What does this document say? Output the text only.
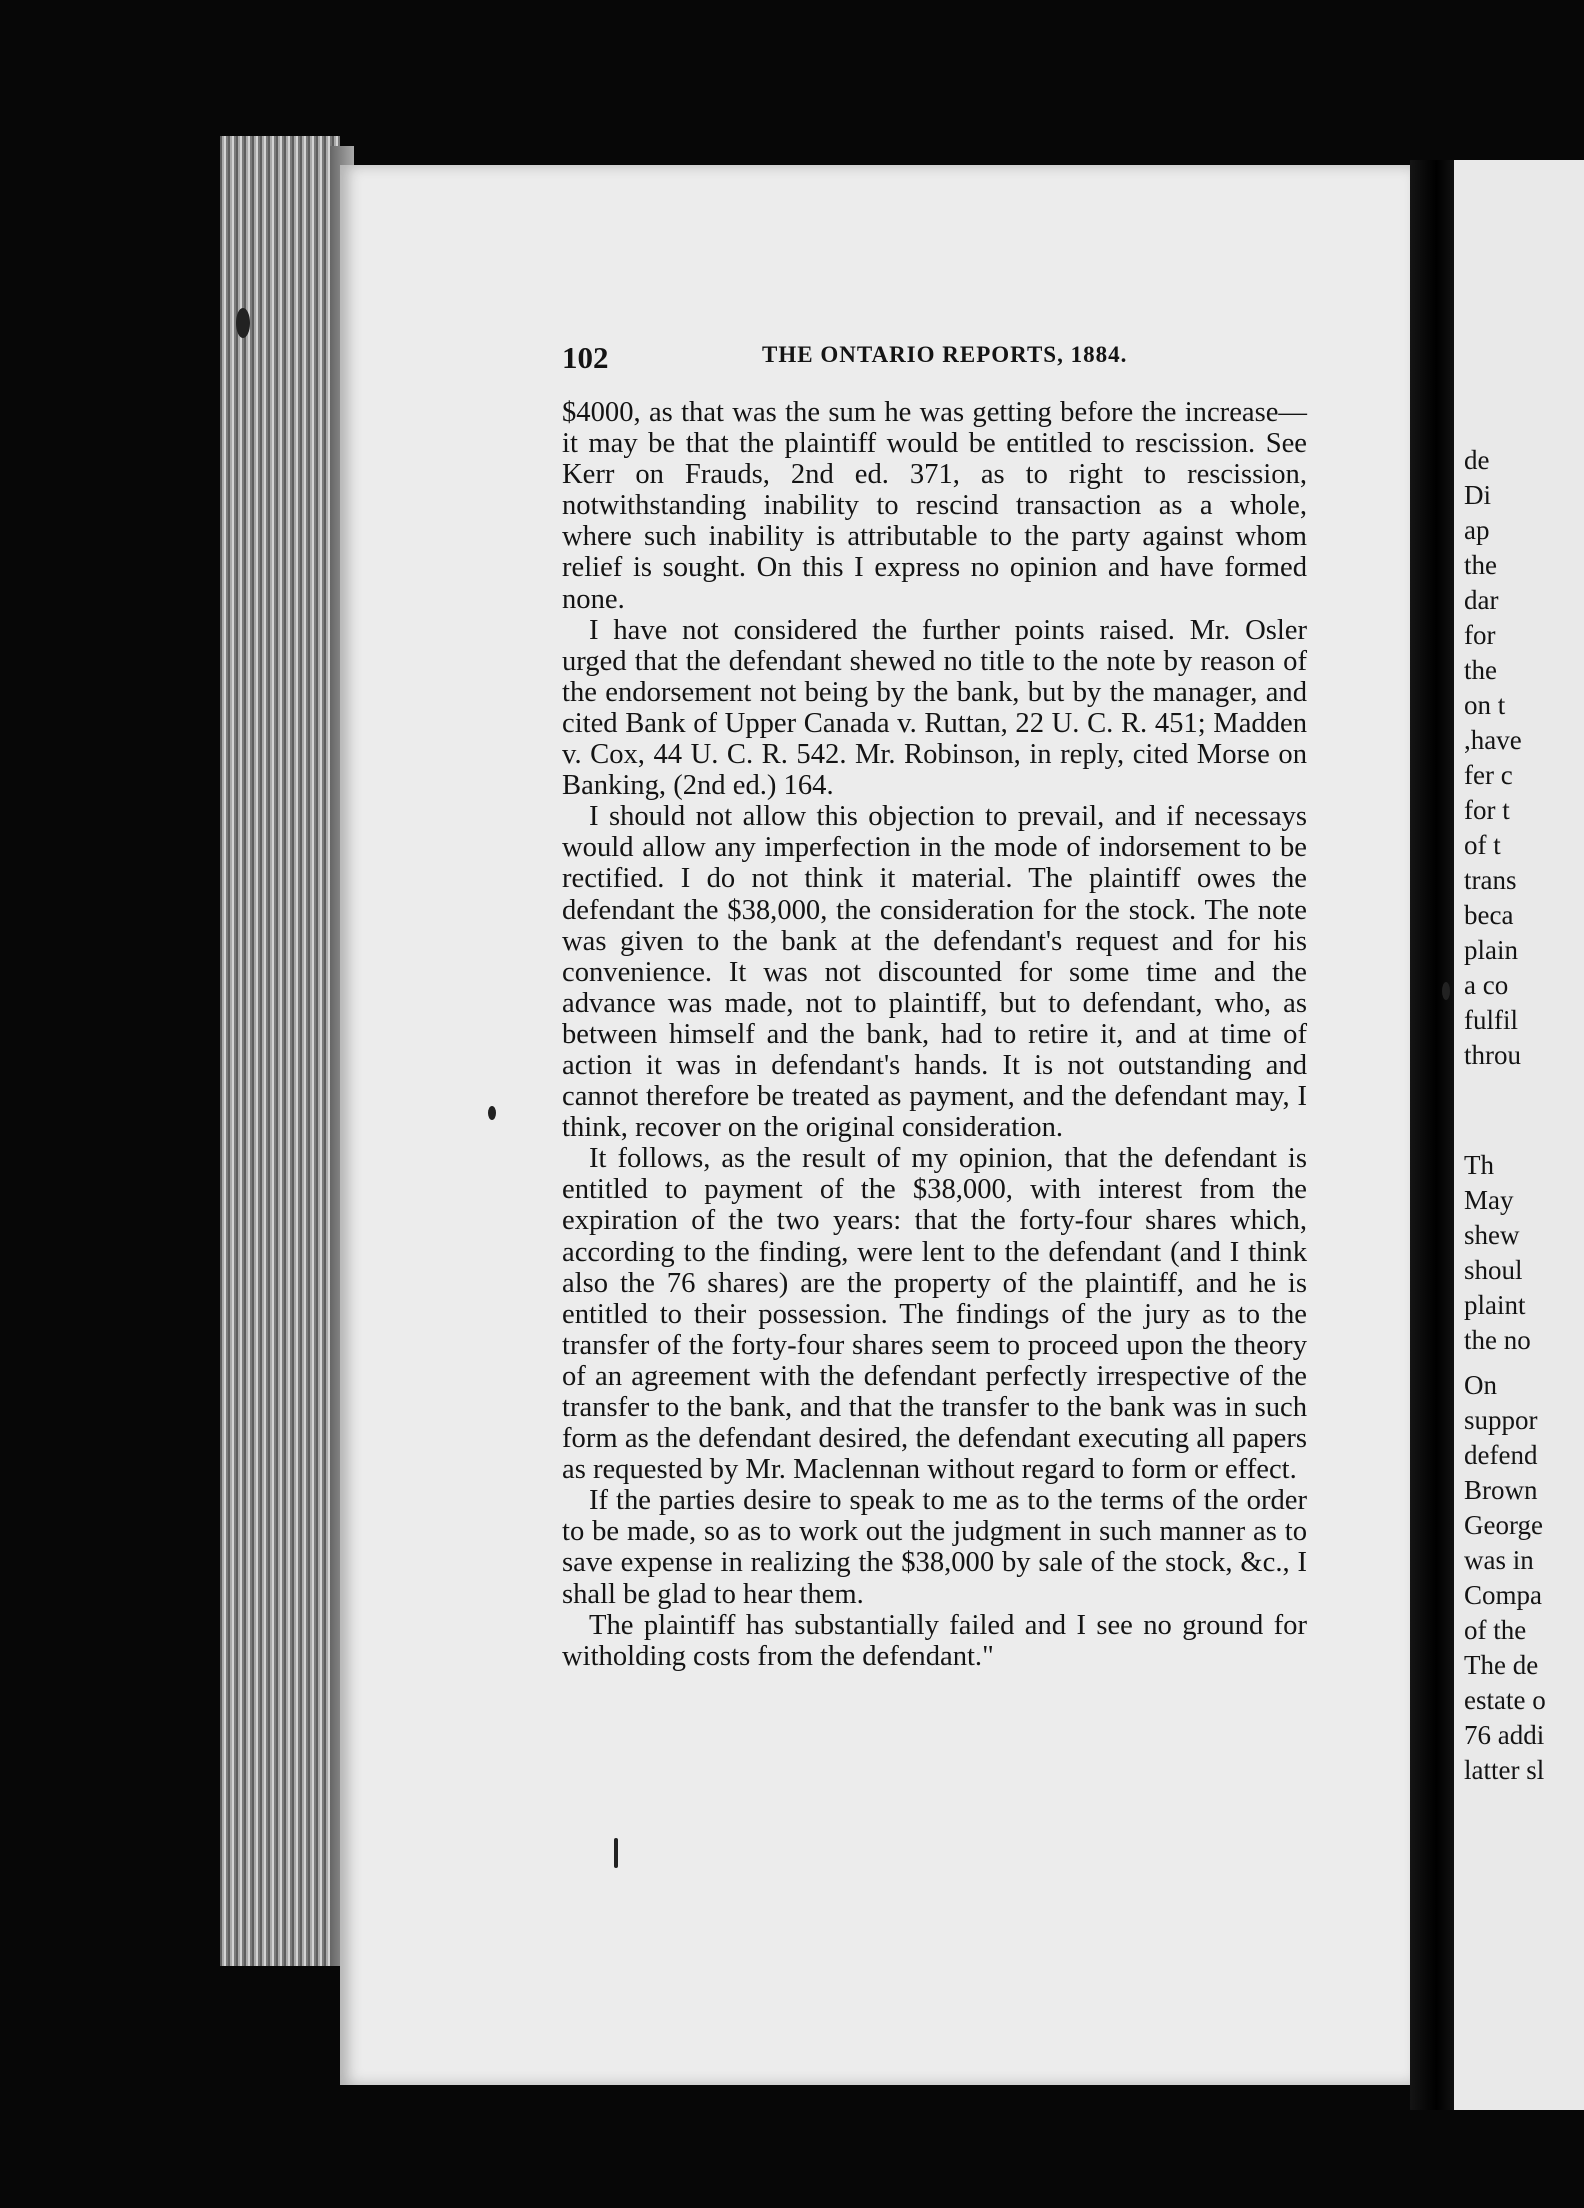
102	THE ONTARIO REPORTS, 1884.

$4000, as that was the sum he was getting before the increase—it may be that the plaintiff would be entitled to rescission. See Kerr on Frauds, 2nd ed. 371, as to right to rescission, notwithstanding inability to rescind transaction as a whole, where such inability is attributable to the party against whom relief is sought. On this I express no opinion and have formed none.

I have not considered the further points raised. Mr. Osler urged that the defendant shewed no title to the note by reason of the endorsement not being by the bank, but by the manager, and cited Bank of Upper Canada v. Ruttan, 22 U. C. R. 451; Madden v. Cox, 44 U. C. R. 542. Mr. Robinson, in reply, cited Morse on Banking, (2nd ed.) 164.

I should not allow this objection to prevail, and if necessays would allow any imperfection in the mode of indorsement to be rectified. I do not think it material. The plaintiff owes the defendant the $38,000, the consideration for the stock. The note was given to the bank at the defendant's request and for his convenience. It was not discounted for some time and the advance was made, not to plaintiff, but to defendant, who, as between himself and the bank, had to retire it, and at time of action it was in defendant's hands. It is not outstanding and cannot therefore be treated as payment, and the defendant may, I think, recover on the original consideration.

It follows, as the result of my opinion, that the defendant is entitled to payment of the $38,000, with interest from the expiration of the two years: that the forty-four shares which, according to the finding, were lent to the defendant (and I think also the 76 shares) are the property of the plaintiff, and he is entitled to their possession. The findings of the jury as to the transfer of the forty-four shares seem to proceed upon the theory of an agreement with the defendant perfectly irrespective of the transfer to the bank, and that the transfer to the bank was in such form as the defendant desired, the defendant executing all papers as requested by Mr. Maclennan without regard to form or effect.

If the parties desire to speak to me as to the terms of the order to be made, so as to work out the judgment in such manner as to save expense in realizing the $38,000 by sale of the stock, &c., I shall be glad to hear them.

The plaintiff has substantially failed and I see no ground for witholding costs from the defendant."

de
Di
ap
the
dar
for
the
on t
,have
fer c
for t
of t
trans
beca
plain
a co
fulfil
throu
Th
May
shew
shoul
plaint
the no
On
suppor
defend
Brown
George
was in
Compa
of the
The de
estate o
76 addi
latter sl
